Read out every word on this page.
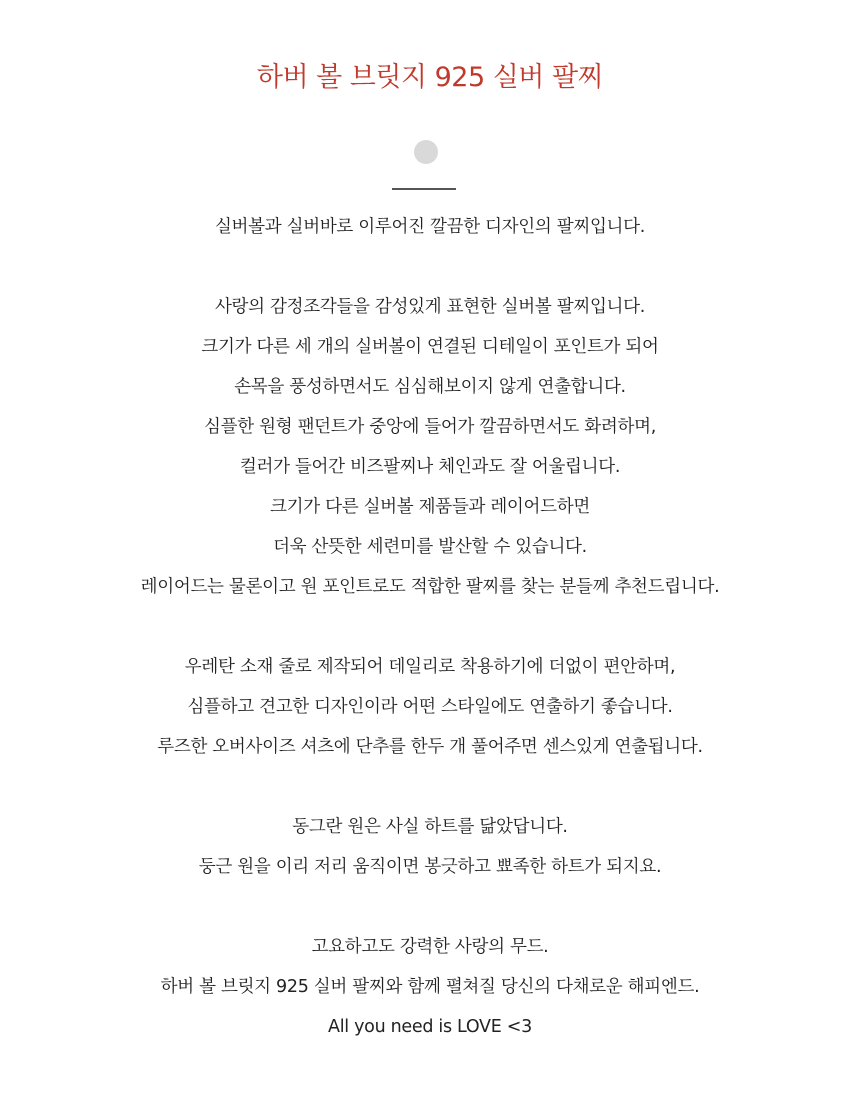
하버 볼 브릿지 925 실버 팔찌
실버볼과 실버바로 이루어진 깔끔한 디자인의 팔찌입니다.
사랑의 감정조각들을 감성있게 표현한 실버볼 팔찌입니다.
크기가 다른 세 개의 실버볼이 연결된 디테일이 포인트가 되어
손목을 풍성하면서도 심심해보이지 않게 연출합니다.
심플한 원형 팬던트가 중앙에 들어가 깔끔하면서도 화려하며,
컬러가 들어간 비즈팔찌나 체인과도 잘 어울립니다.
크기가 다른 실버볼 제품들과 레이어드하면
더욱 산뜻한 세련미를 발산할 수 있습니다.
레이어드는 물론이고 원 포인트로도 적합한 팔찌를 찾는 분들께 추천드립니다.
우레탄 소재 줄로 제작되어 데일리로 착용하기에 더없이 편안하며,
심플하고 견고한 디자인이라 어떤 스타일에도 연출하기 좋습니다.
루즈한 오버사이즈 셔츠에 단추를 한두 개 풀어주면 센스있게 연출됩니다.
동그란 원은 사실 하트를 닮았답니다.
둥근 원을 이리 저리 움직이면 봉긋하고 뾰족한 하트가 되지요.
고요하고도 강력한 사랑의 무드.
하버 볼 브릿지 925 실버 팔찌와 함께 펼쳐질 당신의 다채로운 해피엔드.
All you need is LOVE <3
